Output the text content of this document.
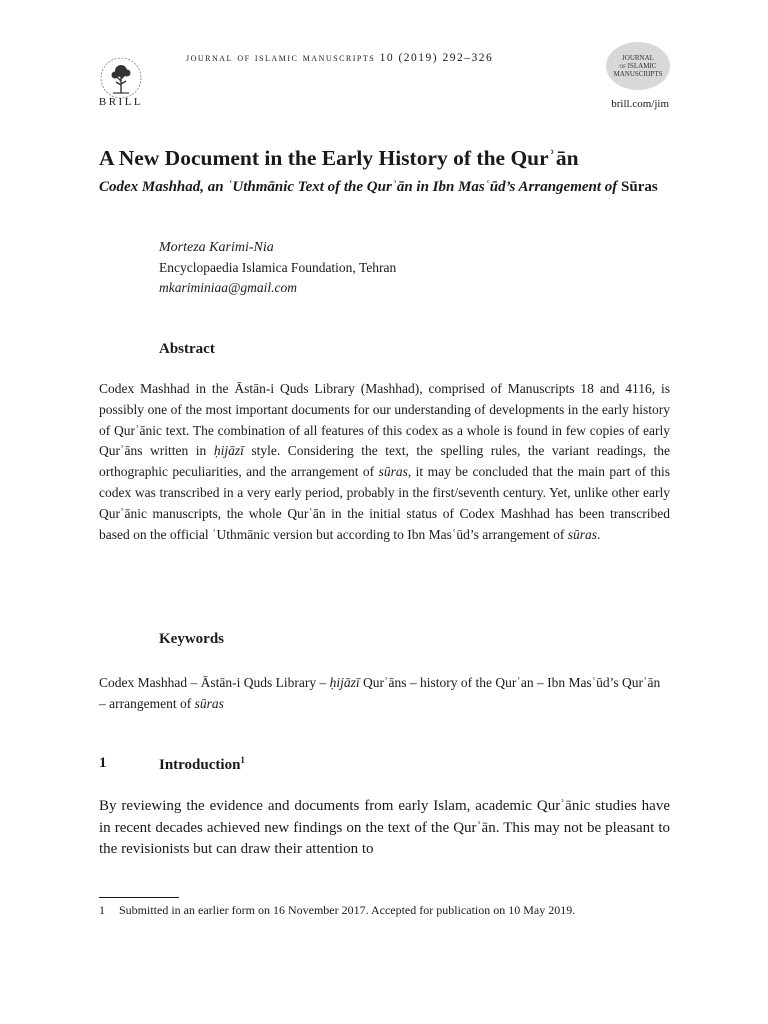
BRILL
journal of islamic manuscripts 10 (2019) 292–326	JOURNAL
of ISLAMIC
MANUSCRIPTS
brill.com/jim
A New Document in the Early History of the Qurʾān
Codex Mashhad, an ʿUthmānic Text of the Qurʾān in Ibn Masʿūd’s Arrangement of Sūras
Morteza Karimi-Nia
Encyclopaedia Islamica Foundation, Tehran
mkariminiaa@gmail.com
Abstract
Codex Mashhad in the Āstān-i Quds Library (Mashhad), comprised of Manuscripts 18 and 4116, is possibly one of the most important documents for our understanding of developments in the early history of Qurʾānic text. The combination of all features of this codex as a whole is found in few copies of early Qurʾāns written in ḥijāzī style. Considering the text, the spelling rules, the variant readings, the orthographic peculiarities, and the arrangement of sūras, it may be concluded that the main part of this codex was transcribed in a very early period, probably in the first/seventh century. Yet, unlike other early Qurʾānic manuscripts, the whole Qurʾān in the initial status of Codex Mashhad has been transcribed based on the official ʿUthmānic version but according to Ibn Masʿūd’s arrangement of sūras.
Keywords
Codex Mashhad – Āstān-i Quds Library – ḥijāzī Qurʾāns – history of the Qurʾan – Ibn Masʿūd’s Qurʾān – arrangement of sūras
1	Introduction$^1$
By reviewing the evidence and documents from early Islam, academic Qurʾānic studies have in recent decades achieved new findings on the text of the Qurʾān. This may not be pleasant to the revisionists but can draw their attention to
1 Submitted in an earlier form on 16 November 2017. Accepted for publication on 10 May 2019.
